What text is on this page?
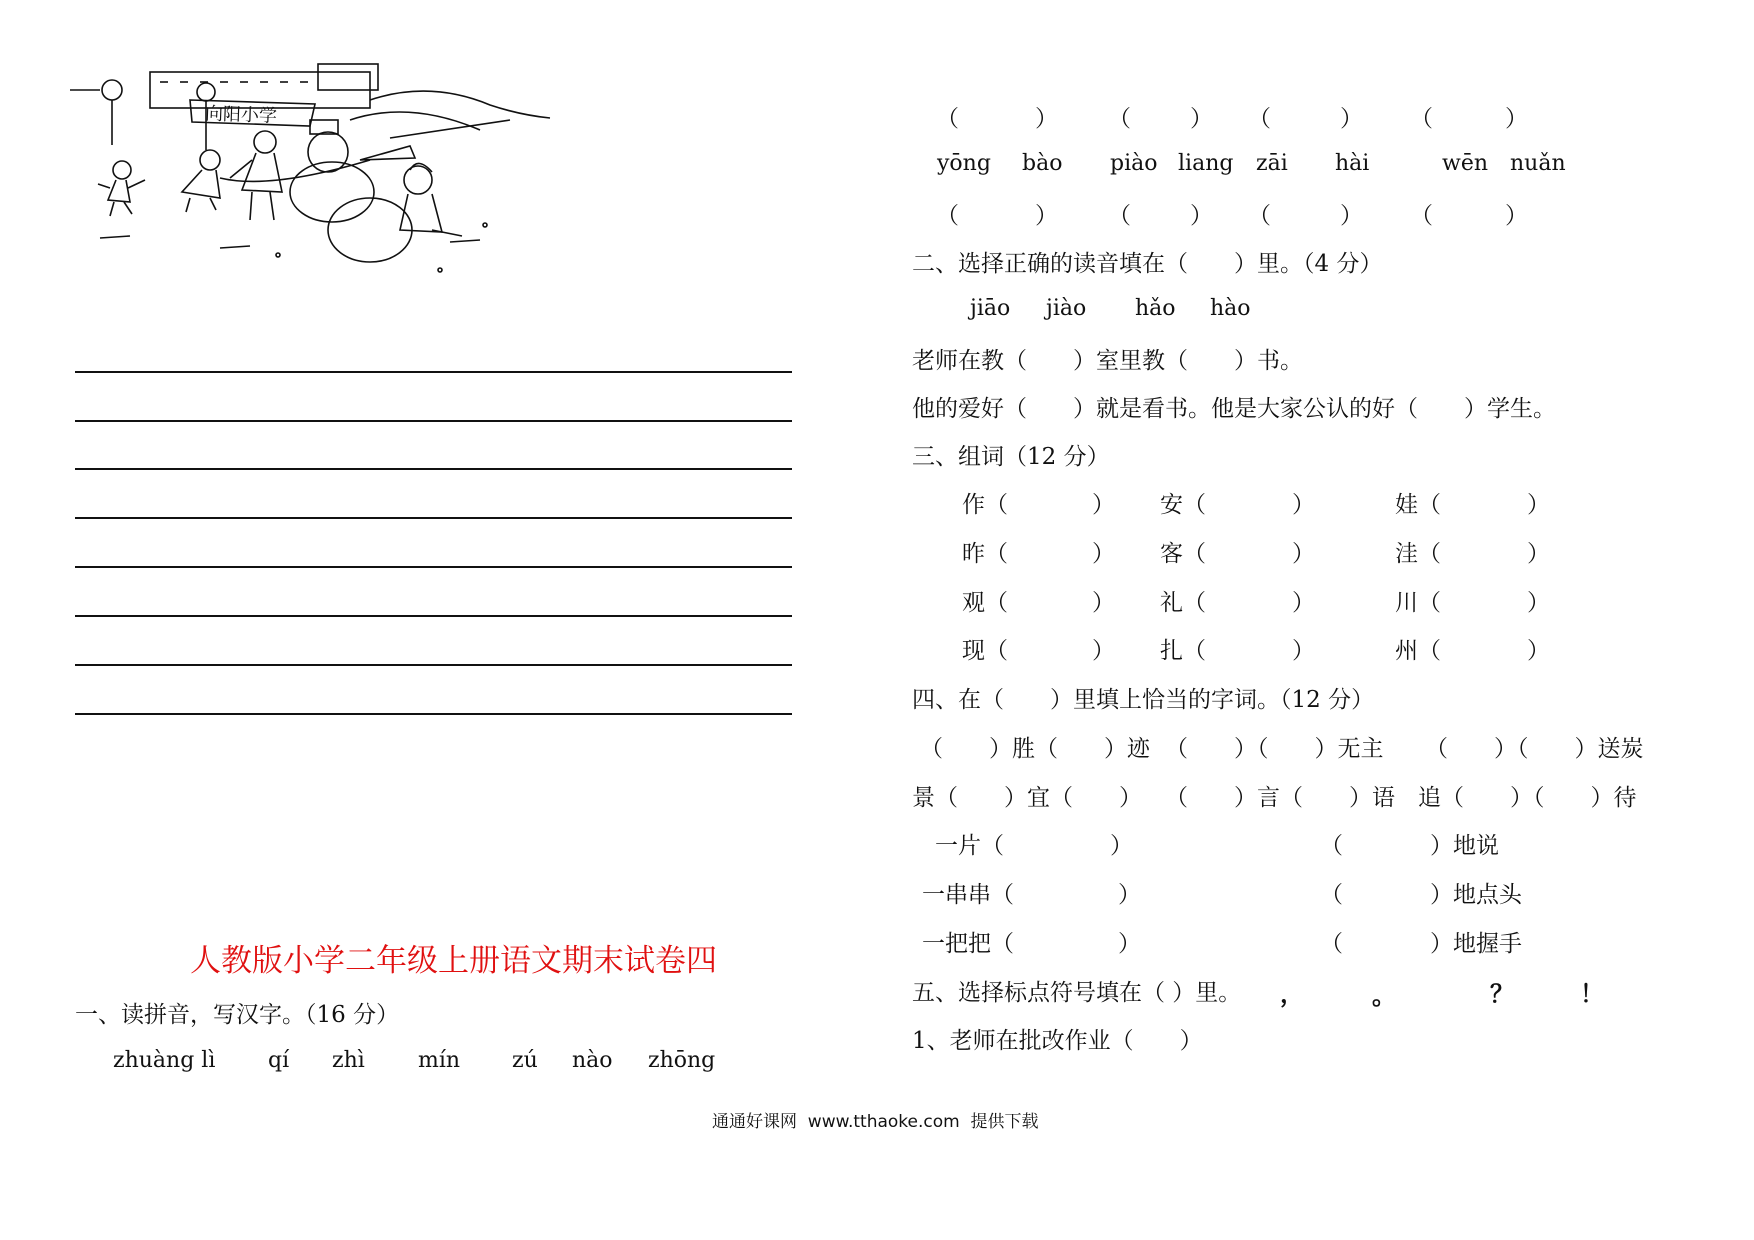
向阳小学
人教版小学二年级上册语文期末试卷四
一、读拼音，写汉字。（16 分）
zhuàng lì qí zhì mín zú nào zhōng
（	） （	） （	） （	）
yōng bào piào liang zāi hài	wēn nuǎn
（	） （	） （	） （	）
二、选择正确的读音填在（　　）里。（4 分）
jiāo jiào hǎo hào
老师在教（　　）室里教（　　）书。
他的爱好（　　）就是看书。他是大家公认的好（　　）学生。
三、组词（12 分）
作（	） 安（	）	娃（	）
昨（	） 客（	）	洼（	）
观（	） 礼（	）	川（	）
现（	） 扎（	）	州（	）
四、在（　　）里填上恰当的字词。（12 分）
（　　）胜（　　）迹 （　　）（　　）无主 （　　）（　　）送炭
景（　　）宜（　　） （　　）言（　　）语 追（　　）（　　）待
一片（	）	（	）地说
一串串（	）	（	）地点头
一把把（	）	（	）地握手
五、选择标点符号填在（ ）里。 ，	。	？	！
1、老师在批改作业（　　）
通通好课网  www.tthaoke.com  提供下载
